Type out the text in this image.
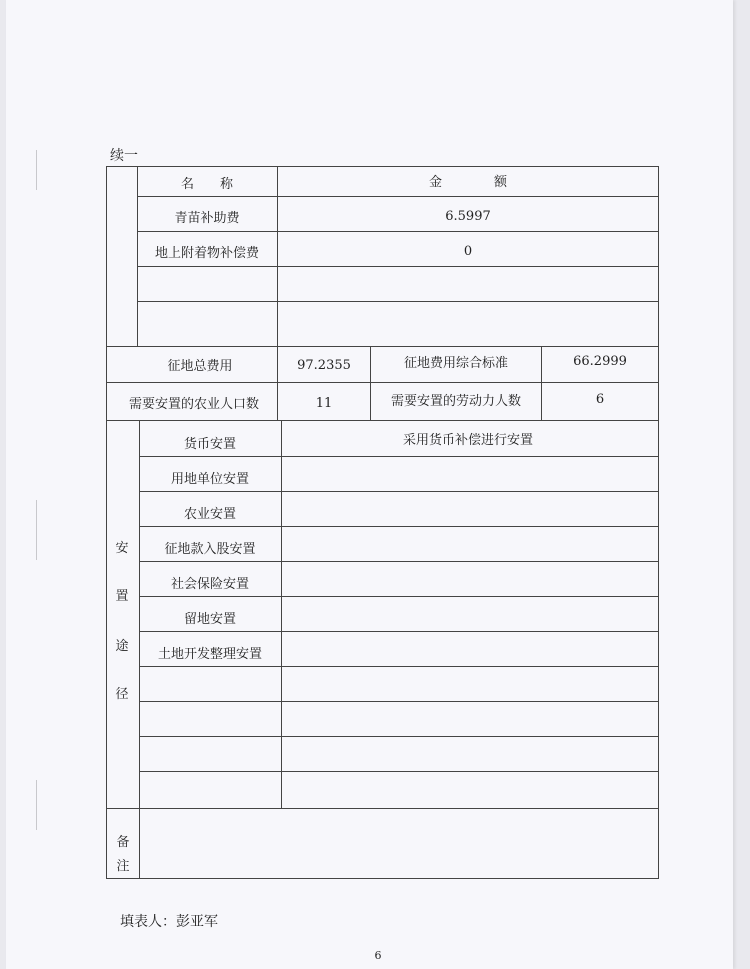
续一
名　　称	金　　　　额
青苗补助费	6.5997
地上附着物补偿费	0
征地总费用	97.2355	征地费用综合标准	66.2999
需要安置的农业人口数	11	需要安置的劳动力人数	6
安
置
途
径
货币安置	采用货币补偿进行安置
用地单位安置
农业安置
征地款入股安置
社会保险安置
留地安置
土地开发整理安置
备
注
填表人：彭亚军
6
